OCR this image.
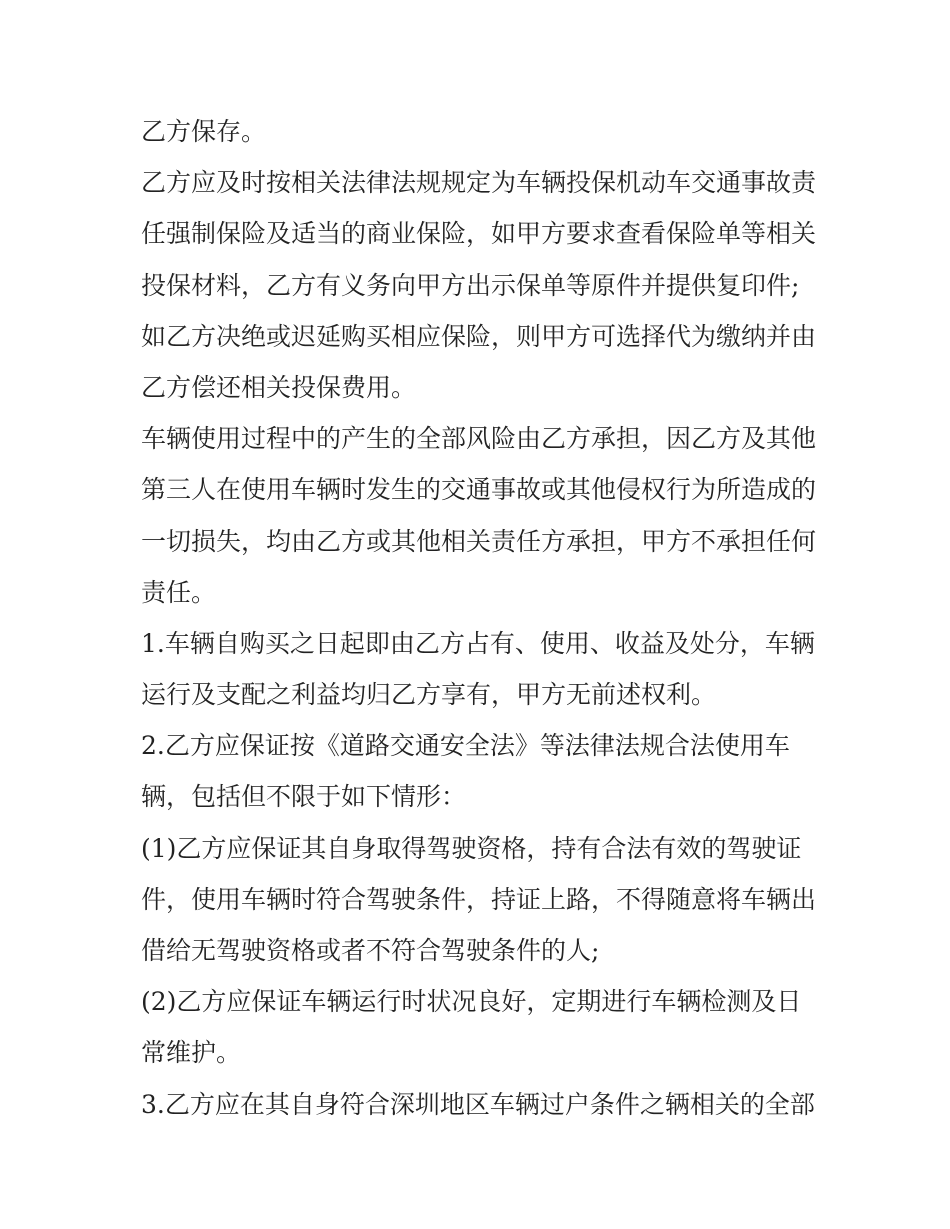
乙方保存。
乙方应及时按相关法律法规规定为车辆投保机动车交通事故责
任强制保险及适当的商业保险，如甲方要求查看保险单等相关
投保材料，乙方有义务向甲方出示保单等原件并提供复印件;
如乙方决绝或迟延购买相应保险，则甲方可选择代为缴纳并由
乙方偿还相关投保费用。
车辆使用过程中的产生的全部风险由乙方承担，因乙方及其他
第三人在使用车辆时发生的交通事故或其他侵权行为所造成的
一切损失，均由乙方或其他相关责任方承担，甲方不承担任何
责任。
1.车辆自购买之日起即由乙方占有、使用、收益及处分，车辆
运行及支配之利益均归乙方享有，甲方无前述权利。
2.乙方应保证按《道路交通安全法》等法律法规合法使用车
辆，包括但不限于如下情形：
(1)乙方应保证其自身取得驾驶资格，持有合法有效的驾驶证
件，使用车辆时符合驾驶条件，持证上路，不得随意将车辆出
借给无驾驶资格或者不符合驾驶条件的人;
(2)乙方应保证车辆运行时状况良好，定期进行车辆检测及日
常维护。
3.乙方应在其自身符合深圳地区车辆过户条件之辆相关的全部
